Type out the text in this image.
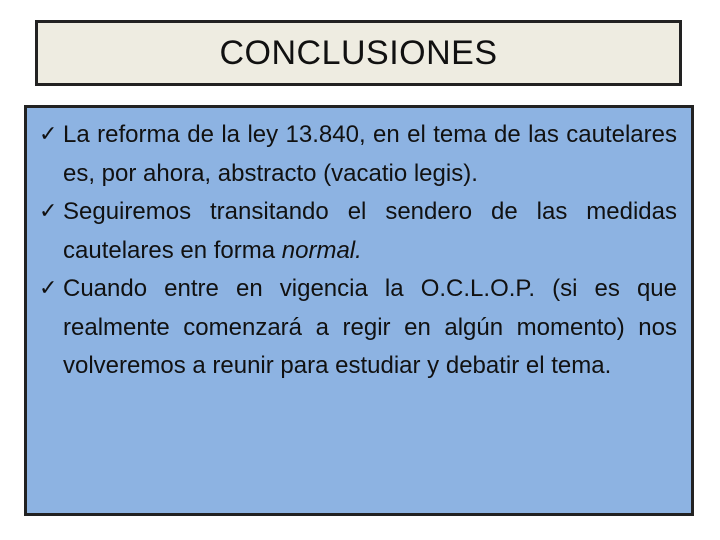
CONCLUSIONES
✓ La reforma de la ley 13.840, en el tema de las cautelares es, por ahora, abstracto (vacatio legis).
✓ Seguiremos transitando el sendero de las medidas cautelares en forma normal.
✓ Cuando entre en vigencia la O.C.L.O.P. (si es que realmente comenzará a regir en algún momento) nos volveremos a reunir para estudiar y debatir el tema.
